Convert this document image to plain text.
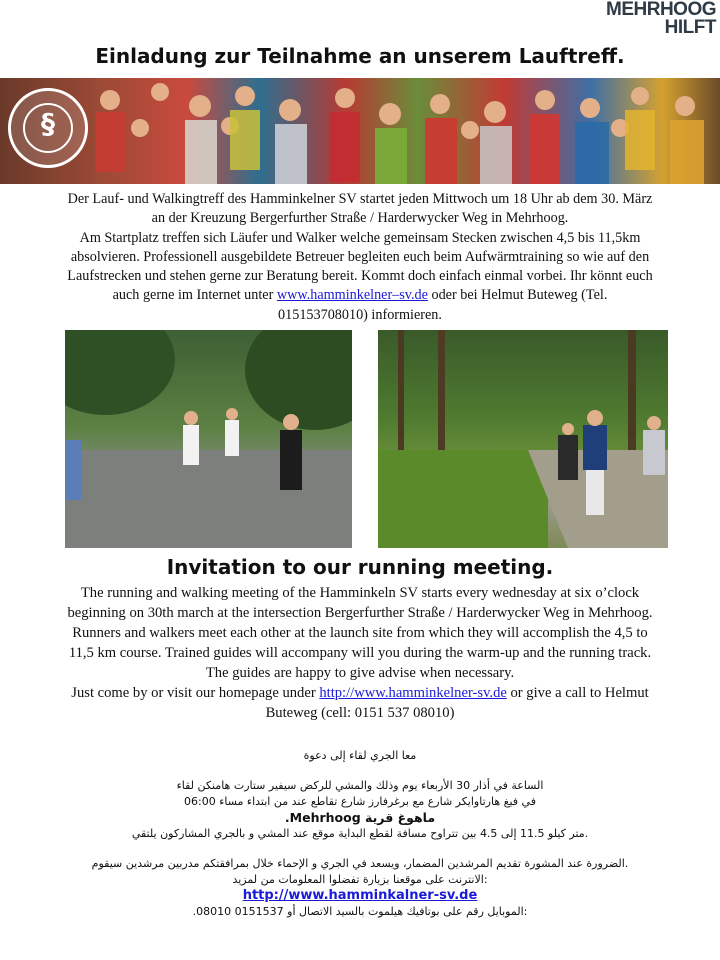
MEHRHOOG
HILFT
Einladung zur Teilnahme an unserem Lauftreff.
§

Der Lauf- und Walkingtreff des Hamminkelner SV startet jeden Mittwoch um 18 Uhr ab dem 30. März

an der Kreuzung Bergerfurther Straße / Harderwycker Weg in Mehrhoog.

Am Startplatz treffen sich Läufer und Walker welche gemeinsam Stecken zwischen 4,5 bis 11,5km

absolvieren. Professionell ausgebildete Betreuer begleiten euch beim Aufwärmtraining so wie auf den

Laufstrecken und stehen gerne zur Beratung bereit. Kommt doch einfach einmal vorbei. Ihr könnt euch

auch gerne im Internet unter www.hamminkelner–sv.de oder bei Helmut Buteweg (Tel.

015153708010) informieren.

Invitation to our running meeting.

The running and walking meeting of the Hamminkeln SV starts every wednesday at six o’clock

beginning on 30th march at the intersection Bergerfurther Straße / Harderwycker Weg in Mehrhoog.

Runners and walkers meet each other at the launch site from which they will accomplish the 4,5 to

11,5 km course. Trained guides will accompany will you during the warm-up and the running track.

The guides are happy to give advise when necessary.

Just come by or visit our homepage under http://www.hamminkelner-sv.de or give a call to Helmut

Buteweg (cell: 0151 537 08010)

معا الجري لقاء إلى دعوة

الساعة في أذار 30 الأربعاء يوم وذلك والمشي للركض سيفير ستارت هامنكن لقاء

في فيغ هارتاوايكر شارع مع برغرفارز شارع تقاطع عند من ابتداء مساء 06:00

ماهوغ قرية Mehrhoog.

.متر كيلو 11.5 إلى 4.5 بين تتراوح مسافة لقطع البداية موقع عند المشي و بالجري المشاركون يلتقي

.الضرورة عند المشورة تقديم المرشدين المضمار، ويسعد في الجري و الإحماء خلال بمرافقتكم مدربين مرشدين سيقوم

:الانترنت على موقعنا بزيارة تفضلوا المعلومات من لمزيد

http://www.hamminkalner-sv.de

:الموبايل رقم على بوتافيك هيلموت بالسيد الاتصال أو 0151537 08010.
